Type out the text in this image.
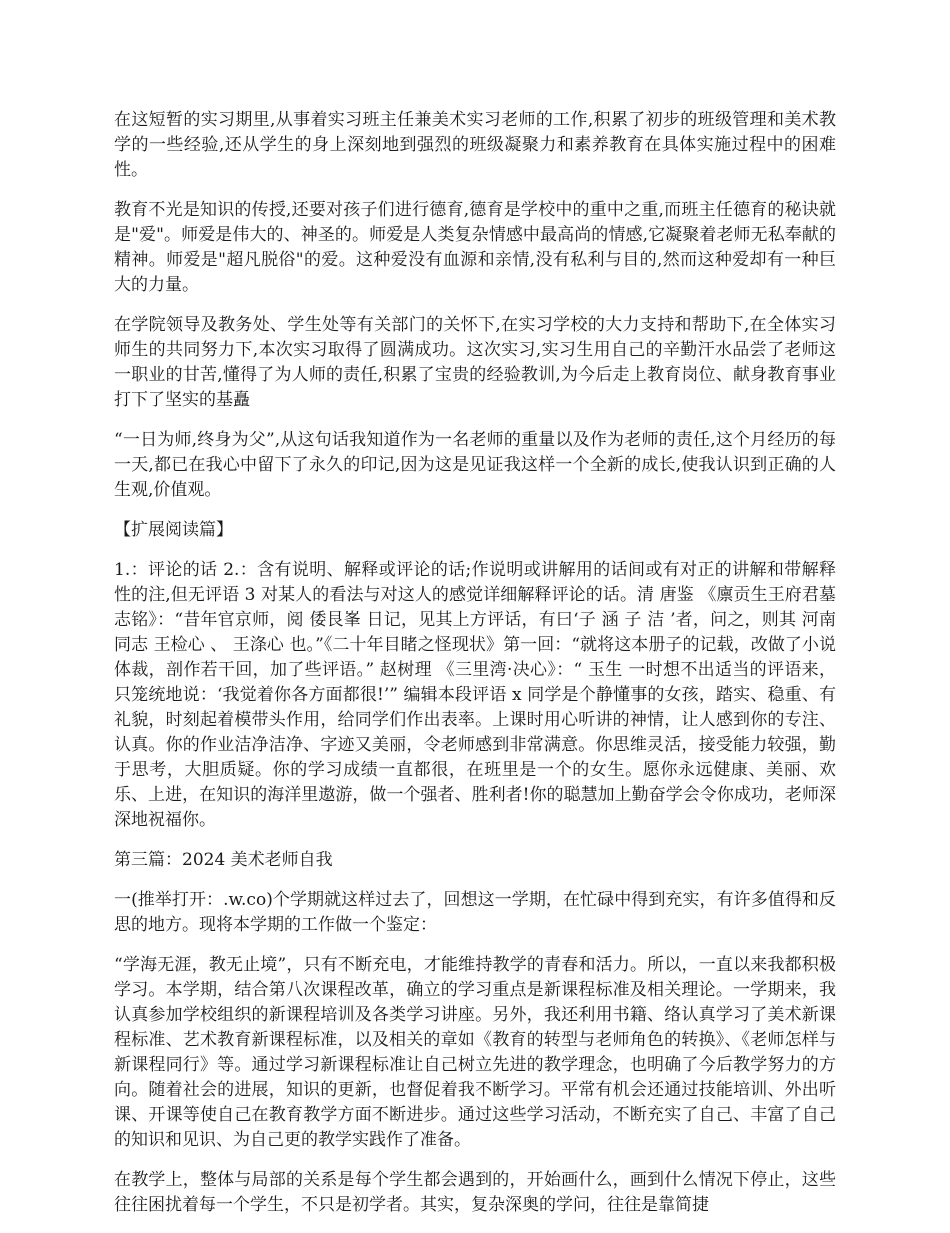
在这短暂的实习期里,从事着实习班主任兼美术实习老师的工作,积累了初步的班级管理和美术教学的一些经验,还从学生的身上深刻地到强烈的班级凝聚力和素养教育在具体实施过程中的困难性。

教育不光是知识的传授,还要对孩子们进行德育,德育是学校中的重中之重,而班主任德育的秘诀就是"爱"。师爱是伟大的、神圣的。师爱是人类复杂情感中最高尚的情感,它凝聚着老师无私奉献的精神。师爱是"超凡脱俗"的爱。这种爱没有血源和亲情,没有私利与目的,然而这种爱却有一种巨大的力量。

在学院领导及教务处、学生处等有关部门的关怀下,在实习学校的大力支持和帮助下,在全体实习师生的共同努力下,本次实习取得了圆满成功。这次实习,实习生用自己的辛勤汗水品尝了老师这一职业的甘苦,懂得了为人师的责任,积累了宝贵的经验教训,为今后走上教育岗位、献身教育事业打下了坚实的基矗

“一日为师,终身为父”,从这句话我知道作为一名老师的重量以及作为老师的责任,这个月经历的每一天,都已在我心中留下了永久的印记,因为这是见证我这样一个全新的成长,使我认识到正确的人生观,价值观。

【扩展阅读篇】

1.：评论的话 2.：含有说明、解释或评论的话;作说明或讲解用的话间或有对正的讲解和带解释性的注,但无评语 3 对某人的看法与对这人的感觉详细解释评论的话。清 唐鉴 《廪贡生王府君墓志铭》：“昔年官京师，阅 倭艮峯 日记，见其上方评话，有曰‘子 涵 子 洁 ’者，问之，则其 河南 同志 王检心 、 王涤心 也。”《二十年目睹之怪现状》第一回：“就将这本册子的记载，改做了小说体裁，剖作若干回，加了些评语。” 赵树理 《三里湾·决心》：“ 玉生 一时想不出适当的评语来，只笼统地说：‘我觉着你各方面都很!’” 编辑本段评语 x 同学是个静懂事的女孩，踏实、稳重、有礼貌，时刻起着模带头作用，给同学们作出表率。上课时用心听讲的神情，让人感到你的专注、认真。你的作业洁净洁净、字迹又美丽，令老师感到非常满意。你思维灵活，接受能力较强，勤于思考，大胆质疑。你的学习成绩一直都很，在班里是一个的女生。愿你永远健康、美丽、欢乐、上进，在知识的海洋里遨游，做一个强者、胜利者!你的聪慧加上勤奋学会令你成功，老师深深地祝福你。

第三篇：2024 美术老师自我

一(推举打开：.w.co)个学期就这样过去了，回想这一学期，在忙碌中得到充实，有许多值得和反思的地方。现将本学期的工作做一个鉴定：

“学海无涯，教无止境”，只有不断充电，才能维持教学的青春和活力。所以，一直以来我都积极学习。本学期，结合第八次课程改革，确立的学习重点是新课程标准及相关理论。一学期来，我认真参加学校组织的新课程培训及各类学习讲座。另外，我还利用书籍、络认真学习了美术新课程标准、艺术教育新课程标准，以及相关的章如《教育的转型与老师角色的转换》、《老师怎样与新课程同行》等。通过学习新课程标准让自己树立先进的教学理念，也明确了今后教学努力的方向。随着社会的进展，知识的更新，也督促着我不断学习。平常有机会还通过技能培训、外出听课、开课等使自己在教育教学方面不断进步。通过这些学习活动，不断充实了自己、丰富了自己的知识和见识、为自己更的教学实践作了准备。

在教学上，整体与局部的关系是每个学生都会遇到的，开始画什么，画到什么情况下停止，这些往往困扰着每一个学生，不只是初学者。其实，复杂深奥的学问，往往是靠简捷
